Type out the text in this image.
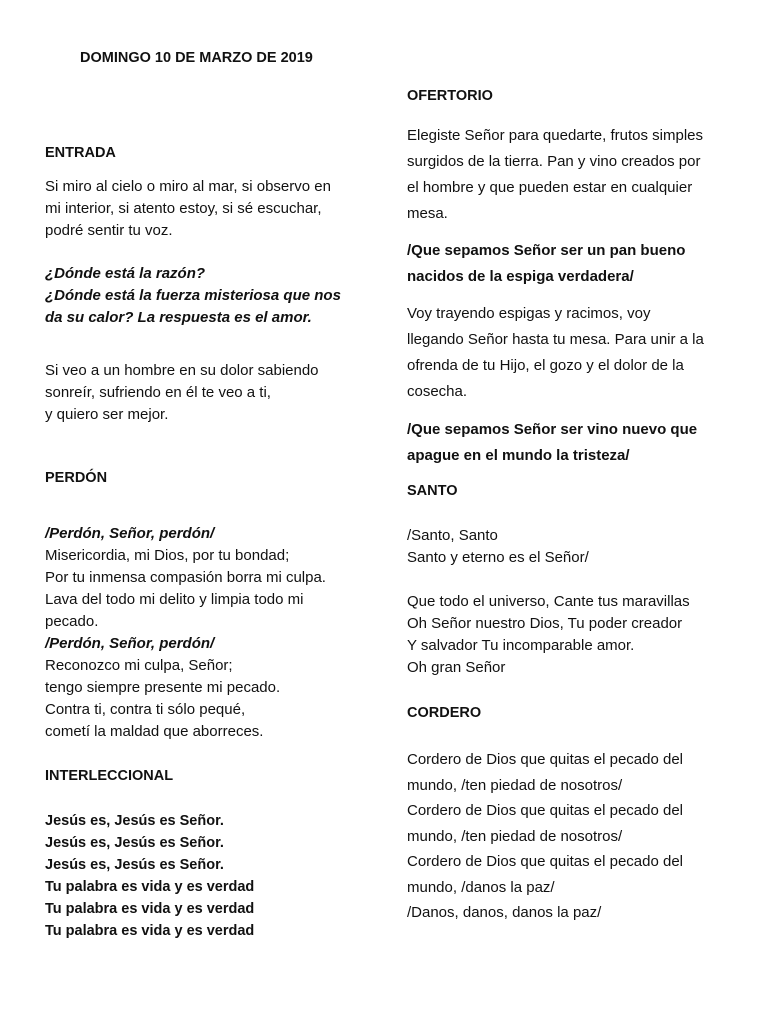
DOMINGO 10 DE MARZO DE 2019
ENTRADA
Si miro al cielo o miro al mar, si observo en
mi interior, si atento estoy, si sé escuchar,
podré sentir tu voz.
¿Dónde está la razón?
¿Dónde está la fuerza misteriosa que nos
da su calor? La respuesta es el amor.
Si veo a un hombre en su dolor sabiendo
sonreír, sufriendo en él te veo a ti,
y quiero ser mejor.
PERDÓN
/Perdón, Señor, perdón/
Misericordia, mi Dios, por tu bondad;
Por tu inmensa compasión borra mi culpa.
Lava del todo mi delito y limpia todo mi
pecado.
/Perdón, Señor, perdón/
Reconozco mi culpa, Señor;
tengo siempre presente mi pecado.
Contra ti, contra ti sólo pequé,
cometí la maldad que aborreces.
INTERLECCIONAL
Jesús es, Jesús es Señor.
Jesús es, Jesús es Señor.
Jesús es, Jesús es Señor.
Tu palabra es vida y es verdad
Tu palabra es vida y es verdad
Tu palabra es vida y es verdad
OFERTORIO
Elegiste Señor para quedarte, frutos simples
surgidos de la tierra. Pan y vino creados por
el hombre y que pueden estar en cualquier
mesa.
/Que sepamos Señor ser un pan bueno
nacidos de la espiga verdadera/
Voy trayendo espigas y racimos, voy
llegando Señor hasta tu mesa. Para unir a la
ofrenda de tu Hijo, el gozo y el dolor de la
cosecha.
/Que sepamos Señor ser vino nuevo que
apague en el mundo la tristeza/
SANTO
/Santo, Santo
Santo y eterno es el Señor/
Que todo el universo, Cante tus maravillas
Oh Señor nuestro Dios, Tu poder creador
Y salvador Tu incomparable amor.
Oh gran Señor
CORDERO
Cordero de Dios que quitas el pecado del
mundo, /ten piedad de nosotros/
Cordero de Dios que quitas el pecado del
mundo, /ten piedad de nosotros/
Cordero de Dios que quitas el pecado del
mundo, /danos la paz/
/Danos, danos, danos la paz/
